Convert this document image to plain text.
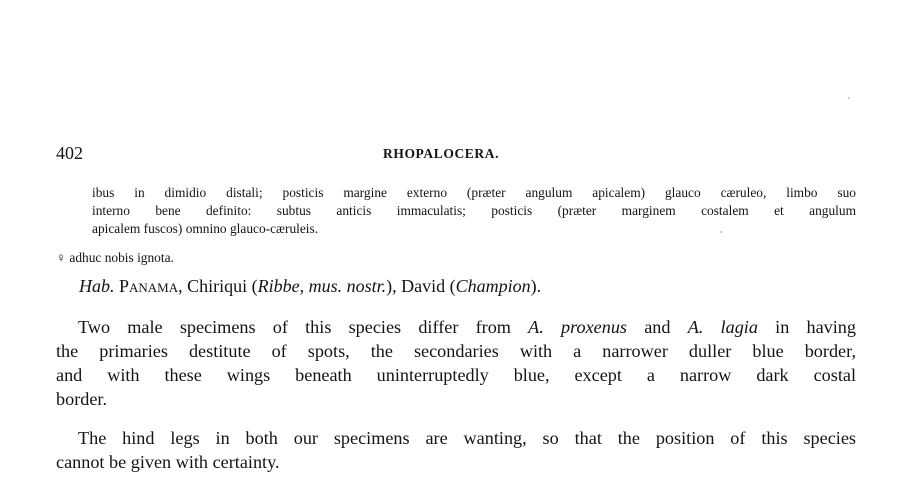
402	RHOPALOCERA.

ibus in dimidio distali; posticis margine externo (præter angulum apicalem) glauco cæruleo, limbo suo
interno bene definito: subtus anticis immaculatis; posticis (præter marginem costalem et angulum
apicalem fuscos) omnino glauco-cæruleis.

♀ adhuc nobis ignota.
Hab. Panama, Chiriqui (Ribbe, mus. nostr.), David (Champion).

Two male specimens of this species differ from A. proxenus and A. lagia in having
the primaries destitute of spots, the secondaries with a narrower duller blue border,
and with these wings beneath uninterruptedly blue, except a narrow dark costal
border.

The hind legs in both our specimens are wanting, so that the position of this species
cannot be given with certainty.
